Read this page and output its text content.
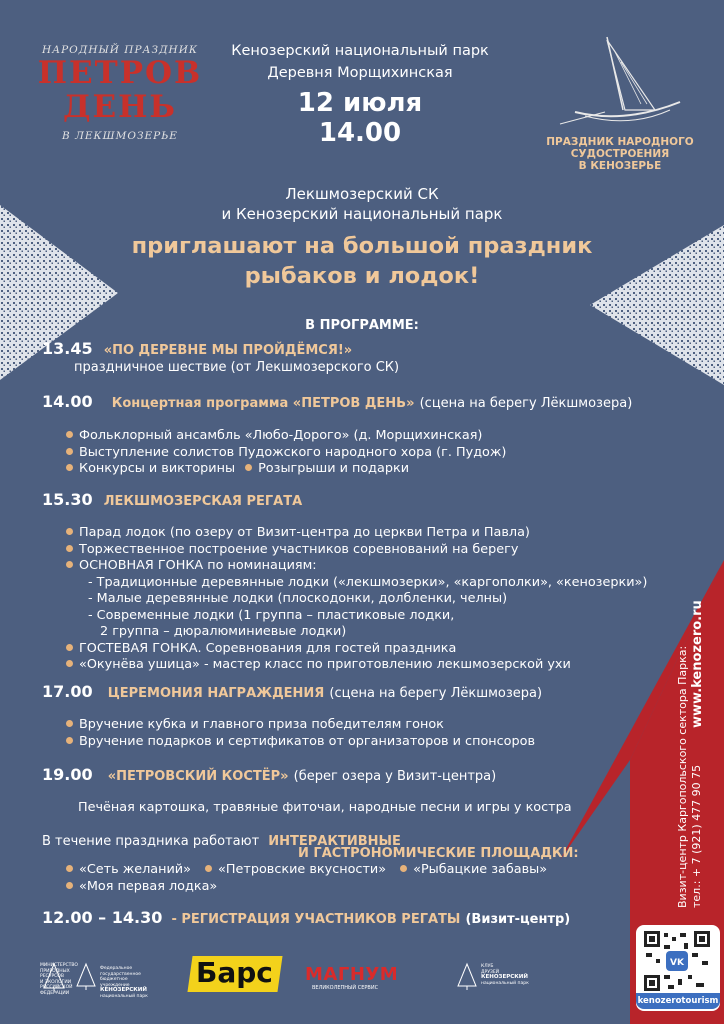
НАРОДНЫЙ ПРАЗДНИК
ПЕТРОВ
ДЕНЬ
В ЛЕКШМОЗЕРЬЕ
Кенозерский национальный парк
Деревня Морщихинская
12 июля
14.00	ПРАЗДНИК НАРОДНОГО
СУДОСТРОЕНИЯ
В КЕНОЗЕРЬЕ
Лекшмозерский СК
и Кенозерский национальный парк
приглашают на большой праздник
рыбаков и лодок!
В ПРОГРАММЕ:
13.45 «ПО ДЕРЕВНЕ МЫ ПРОЙДЁМСЯ!»
праздничное шествие (от Лекшмозерского СК)
14.00 Концертная программа «ПЕТРОВ ДЕНЬ» (сцена на берегу Лёкшмозера)
Фольклорный ансамбль «Любо-Дорого» (д. Морщихинская)
Выступление солистов Пудожского народного хора (г. Пудож)
Конкурсы и викторины Розыгрыши и подарки
15.30 ЛЕКШМОЗЕРСКАЯ РЕГАТА
Парад лодок (по озеру от Визит-центра до церкви Петра и Павла)
Торжественное построение участников соревнований на берегу
ОСНОВНАЯ ГОНКА по номинациям:
- Традиционные деревянные лодки («лекшмозерки», «каргополки», «кенозерки»)
- Малые деревянные лодки (плоскодонки, долбленки, челны)
- Современные лодки (1 группа – пластиковые лодки,
2 группа – дюралюминиевые лодки)
ГОСТЕВАЯ ГОНКА. Соревнования для гостей праздника
«Окунёва ушица» - мастер класс по приготовлению лекшмозерской ухи
17.00 ЦЕРЕМОНИЯ НАГРАЖДЕНИЯ (сцена на берегу Лёкшмозера)
Вручение кубка и главного приза победителям гонок
Вручение подарков и сертификатов от организаторов и спонсоров
19.00 «ПЕТРОВСКИЙ КОСТЁР» (берег озера у Визит-центра)
Печёная картошка, травяные фиточаи, народные песни и игры у костра
В течение праздника работают ИНТЕРАКТИВНЫЕ
И ГАСТРОНОМИЧЕСКИЕ ПЛОЩАДКИ:
«Сеть желаний» «Петровские вкусности» «Рыбацкие забавы»
«Моя первая лодка»
12.00 – 14.30 - РЕГИСТРАЦИЯ УЧАСТНИКОВ РЕГАТЫ (Визит-центр)
Визит-центр Каргопольского сектора Парка: тел.: + 7 (921) 477 90 75
www.kenozero.ru
VK
kenozerotourism
МИНИСТЕРСТВО
ПРИРОДНЫХ
РЕСУРСОВ
И ЭКОЛОГИИ
РОССИЙСКОЙ
ФЕДЕРАЦИИ
Федеральное государственное
бюджетное учреждение
КЕНОЗЕРСКИЙ
национальный парк
Барс МАГНУМ
ВЕЛИКОЛЕПНЫЙ СЕРВИС
КЛУБ
ДРУЗЕЙ
КЕНОЗЕРСКИЙ
национальный парк
